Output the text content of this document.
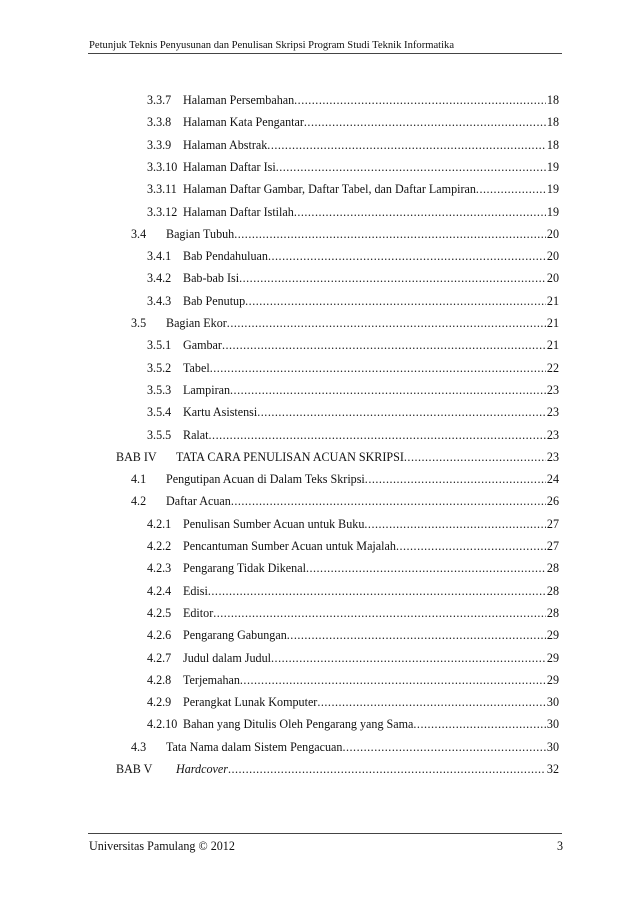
Petunjuk Teknis Penyusunan dan Penulisan Skripsi Program Studi Teknik Informatika
3.3.7 Halaman Persembahan .....	18
3.3.8 Halaman Kata Pengantar .....	18
3.3.9 Halaman Abstrak .....	18
3.3.10 Halaman Daftar Isi .....	19
3.3.11 Halaman Daftar Gambar, Daftar Tabel, dan Daftar Lampiran .....	19
3.3.12 Halaman Daftar Istilah .....	19
3.4	Bagian Tubuh .....	20
3.4.1 Bab Pendahuluan .....	20
3.4.2 Bab-bab Isi .....	20
3.4.3 Bab Penutup .....	21
3.5	Bagian Ekor .....	21
3.5.1 Gambar .....	21
3.5.2 Tabel .....	22
3.5.3 Lampiran .....	23
3.5.4 Kartu Asistensi .....	23
3.5.5 Ralat .....	23
BAB IV	TATA CARA PENULISAN ACUAN SKRIPSI .....	23
4.1	Pengutipan Acuan di Dalam Teks Skripsi .....	24
4.2	Daftar Acuan .....	26
4.2.1 Penulisan Sumber Acuan untuk Buku .....	27
4.2.2 Pencantuman Sumber Acuan untuk Majalah .....	27
4.2.3 Pengarang Tidak Dikenal .....	28
4.2.4 Edisi .....	28
4.2.5 Editor .....	28
4.2.6 Pengarang Gabungan .....	29
4.2.7 Judul dalam Judul .....	29
4.2.8 Terjemahan .....	29
4.2.9 Perangkat Lunak Komputer .....	30
4.2.10 Bahan yang Ditulis Oleh Pengarang yang Sama .....	30
4.3	Tata Nama dalam Sistem Pengacuan .....	30
BAB V	Hardcover .....	32
Universitas Pamulang © 2012	3
